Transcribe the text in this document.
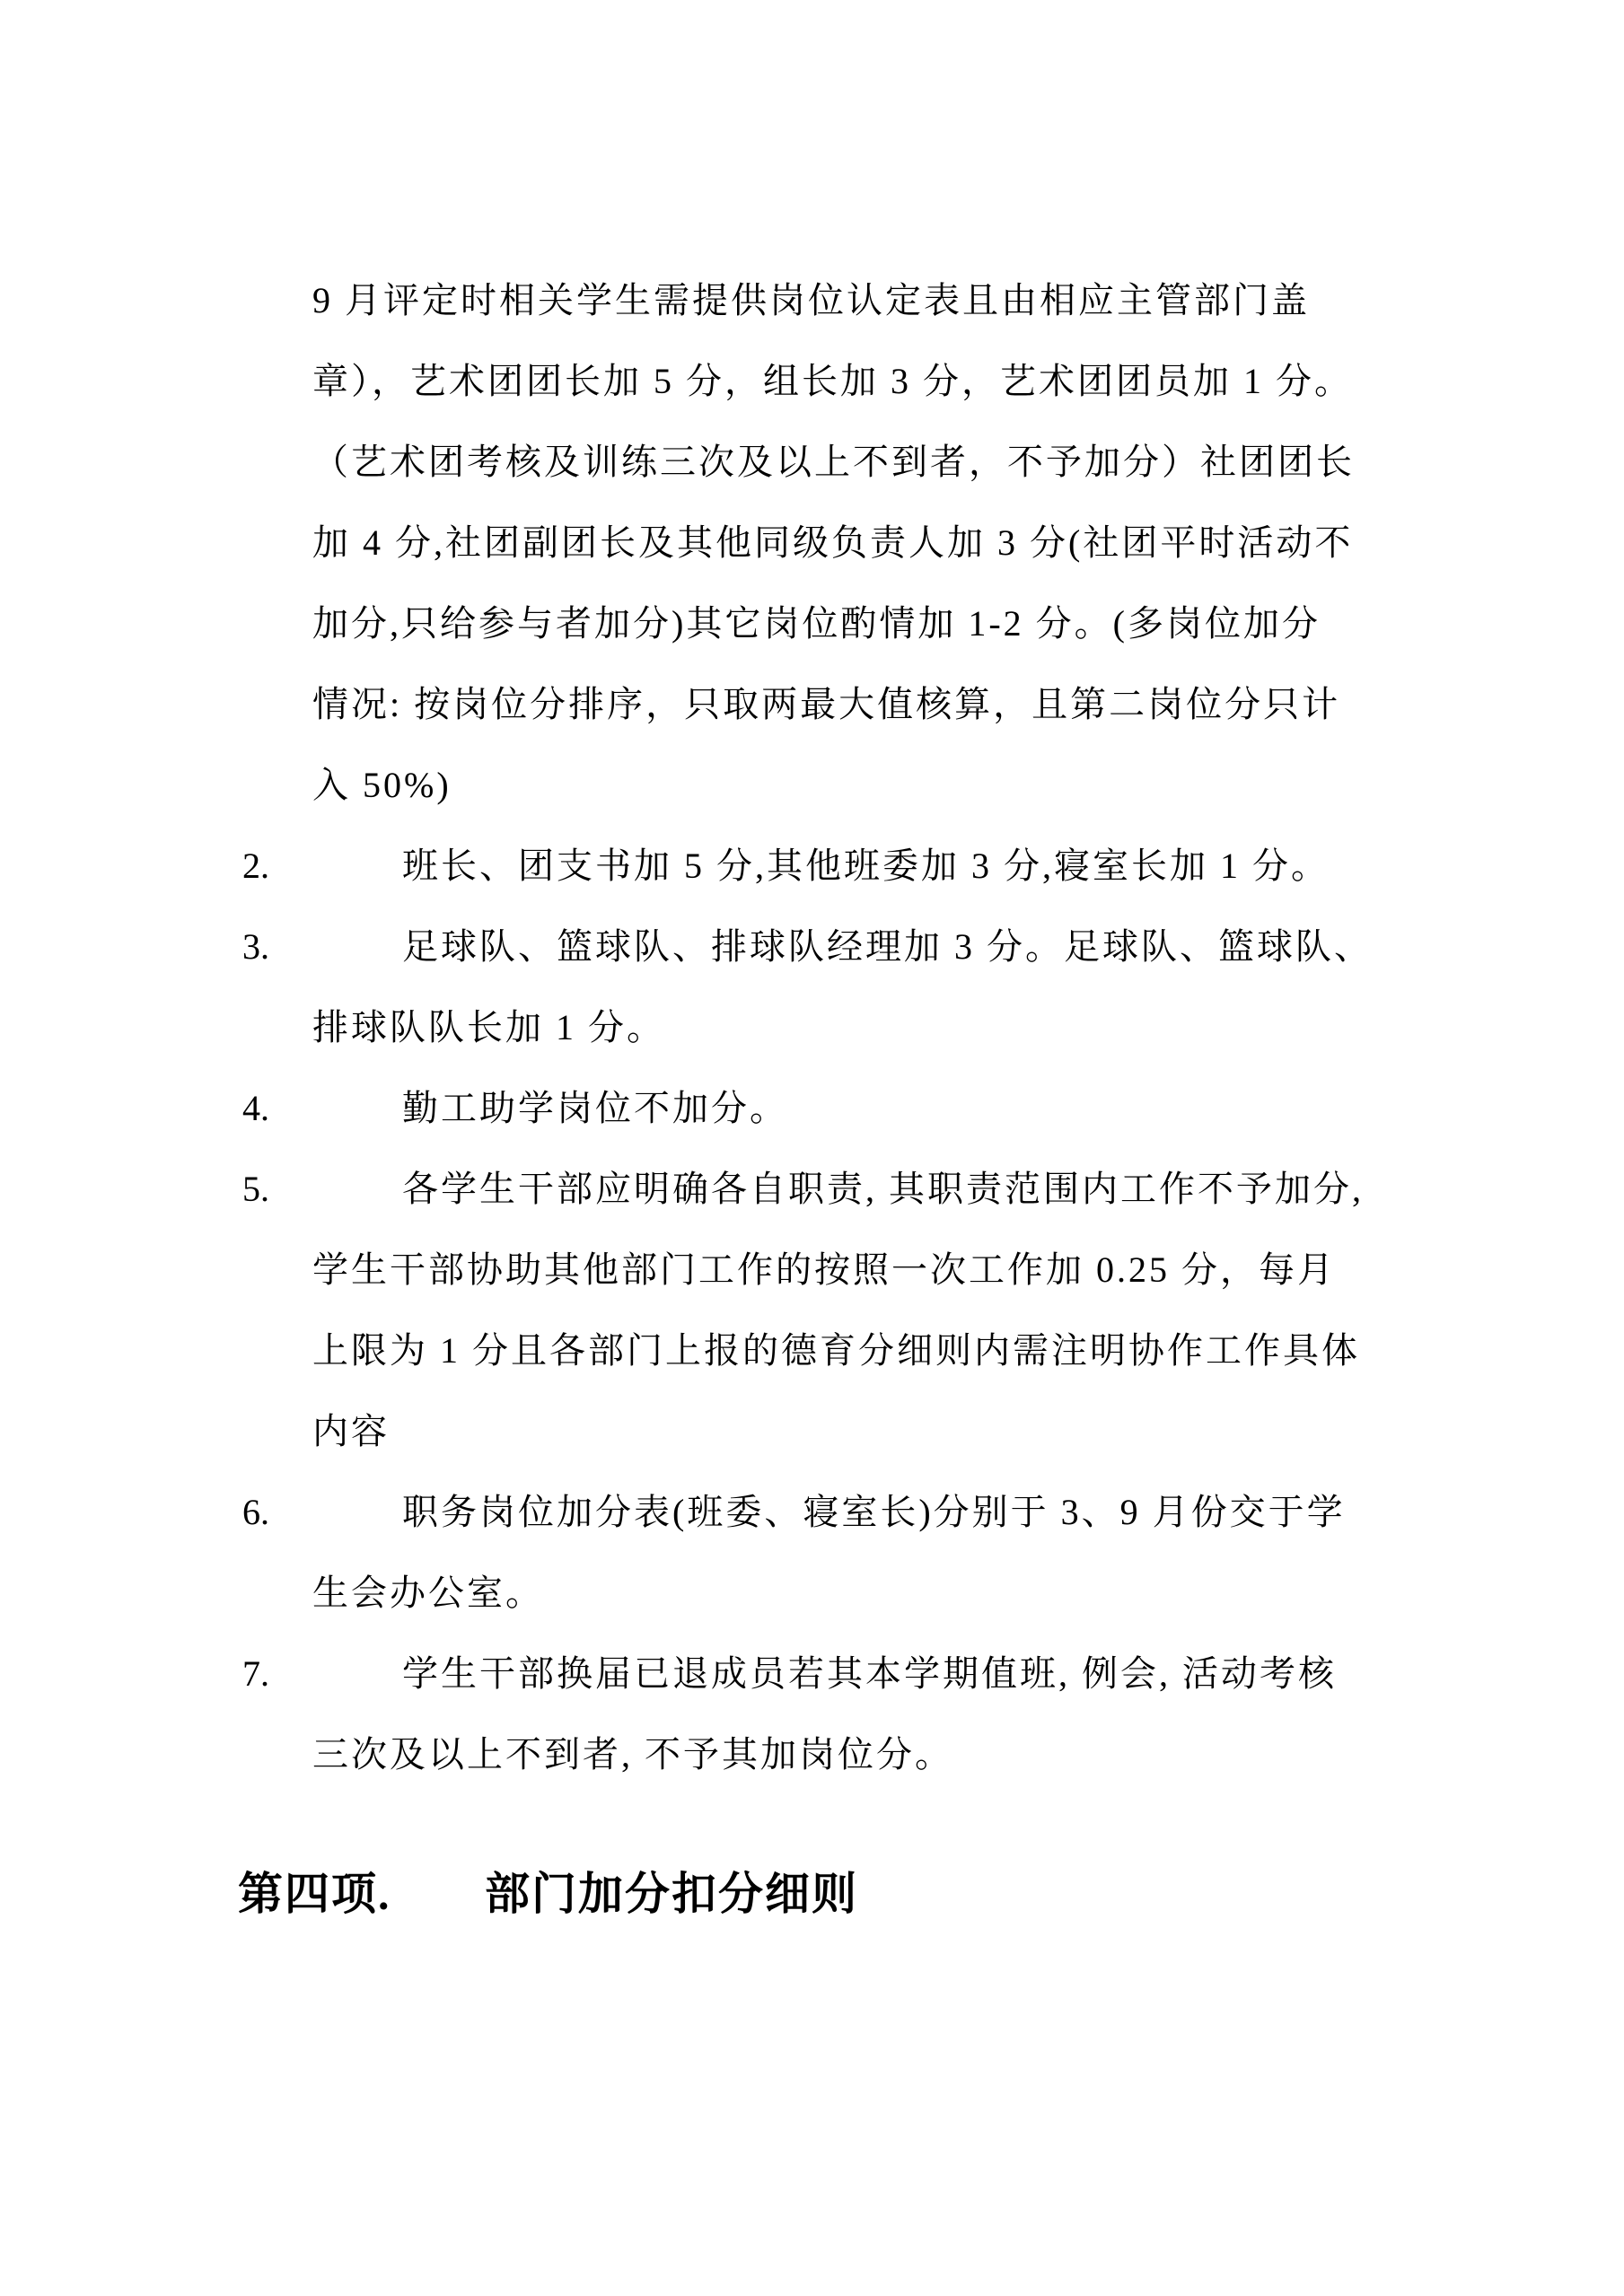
9 月评定时相关学生需提供岗位认定表且由相应主管部门盖
章），艺术团团长加 5 分，组长加 3 分，艺术团团员加 1 分。
（艺术团考核及训练三次及以上不到者，不予加分）社团团长
加 4 分,社团副团长及其他同级负责人加 3 分(社团平时活动不
加分,只给参与者加分)其它岗位酌情加 1-2 分。(多岗位加分
情况: 按岗位分排序，只取两最大值核算，且第二岗位分只计
入 50%)
2.	班长、团支书加 5 分,其他班委加 3 分,寝室长加 1 分。
3.	足球队、篮球队、排球队经理加 3 分。足球队、篮球队、
排球队队长加 1 分。
4.	勤工助学岗位不加分。
5.	各学生干部应明确各自职责, 其职责范围内工作不予加分,
学生干部协助其他部门工作的按照一次工作加 0.25 分，每月
上限为 1 分且各部门上报的德育分细则内需注明协作工作具体
内容
6.	职务岗位加分表(班委、寝室长)分别于 3、9 月份交于学
生会办公室。
7.	学生干部换届已退成员若其本学期值班, 例会, 活动考核
三次及以上不到者, 不予其加岗位分。
第四项. 部门加分扣分细则
